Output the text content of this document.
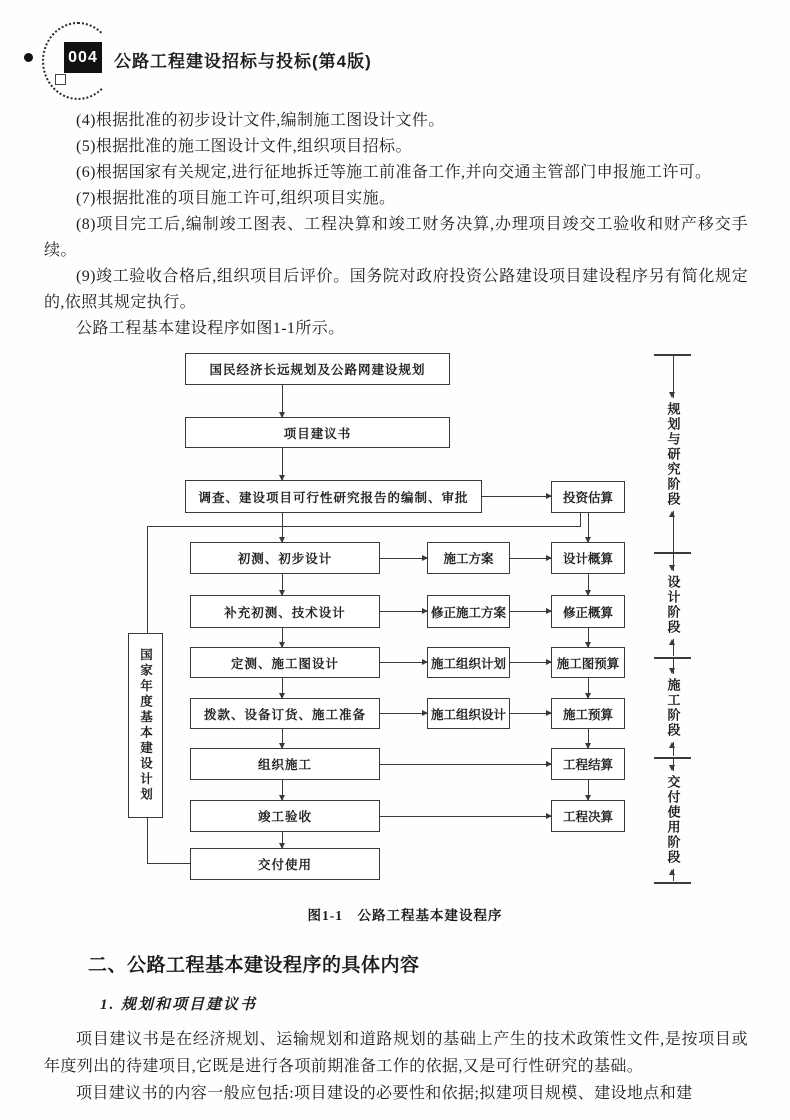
004 公路工程建设招标与投标(第4版)

(4)根据批准的初步设计文件,编制施工图设计文件。

(5)根据批准的施工图设计文件,组织项目招标。

(6)根据国家有关规定,进行征地拆迁等施工前准备工作,并向交通主管部门申报施工许可。

(7)根据批准的项目施工许可,组织项目实施。

(8)项目完工后,编制竣工图表、工程决算和竣工财务决算,办理项目竣交工验收和财产移交手续。

(9)竣工验收合格后,组织项目后评价。国务院对政府投资公路建设项目建设程序另有简化规定的,依照其规定执行。

公路工程基本建设程序如图1-1所示。

国民经济长远规划及公路网建设规划
项目建议书
调查、建设项目可行性研究报告的编制、审批
初测、初步设计
补充初测、技术设计
定测、施工图设计
拨款、设备订货、施工准备
组织施工
竣工验收
交付使用
施工方案
修正施工方案
施工组织计划
施工组织设计
投资估算
设计概算
修正概算
施工图预算
施工预算
工程结算
工程决算
国家年度基本建设计划
规划与研究阶段
设计阶段
施工阶段
交付使用阶段
图1-1　公路工程基本建设程序
二、公路工程基本建设程序的具体内容
1. 规划和项目建议书

项目建议书是在经济规划、运输规划和道路规划的基础上产生的技术政策性文件,是按项目或年度列出的待建项目,它既是进行各项前期准备工作的依据,又是可行性研究的基础。

项目建议书的内容一般应包括:项目建设的必要性和依据;拟建项目规模、建设地点和建
